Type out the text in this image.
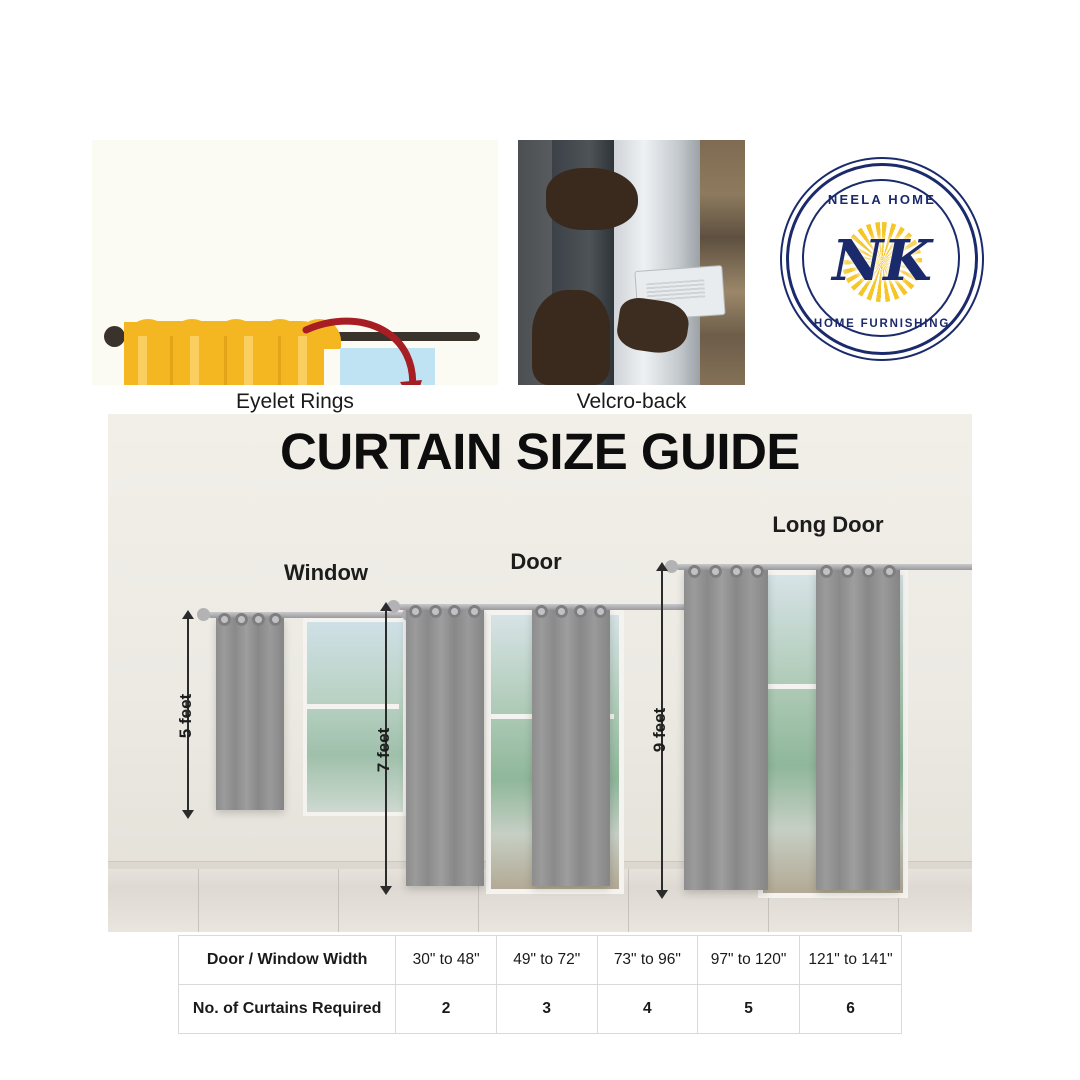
NK
NEELA HOME
HOME FURNISHING
Eyelet Rings	Velcro-back
CURTAIN SIZE GUIDE
Window
5 feet
Door
7 feet
Long Door
9 feet
Door / Window Width	30" to 48"	49" to 72"	73" to 96"	97" to 120"	121" to 141"
No. of Curtains Required	2	3	4	5	6
